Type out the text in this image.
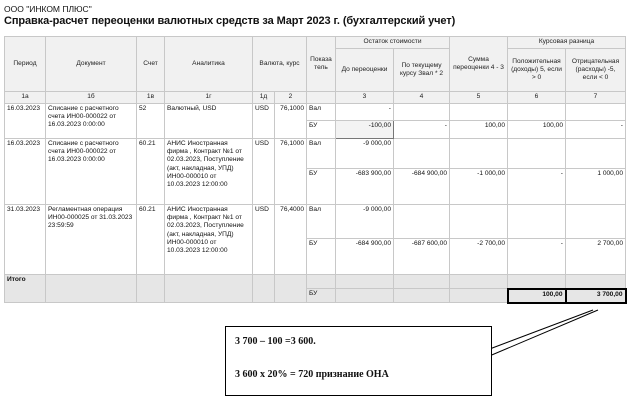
ООО "ИНКОМ ПЛЮС"
Справка-расчет переоценки валютных средств за Март 2023 г. (бухгалтерский учет)
Период	Документ	Счет	Аналитика	Валюта, курс		Показа тель	Остаток стоимости		Сумма переоценки 4 - 3	Курсовая разница	
							До переоценки	По текущему курсу Звал * 2		Положительная (доходы) 5, если > 0	Отрицательная (расходы) -5, если < 0
1а	1б	1в	1г	1д	2		3	4	5	6	7
16.03.2023	Списание с расчетного счета ИН00-000022 от 16.03.2023 0:00:00	52	Валютный, USD	USD	76,1000	Вал	-				
						БУ	-100,00	-	100,00	100,00	-
16.03.2023	Списание с расчетного счета ИН00-000022 от 16.03.2023 0:00:00	60.21	АНИС Иностранная фирма , Контракт №1 от 02.03.2023, Поступление (акт, накладная, УПД) ИН00-000010 от 10.03.2023 12:00:00	USD	76,1000	Вал	-9 000,00				
						БУ	-683 900,00	-684 900,00	-1 000,00	-	1 000,00
31.03.2023	Регламентная операция ИН00-000025 от 31.03.2023 23:59:59	60.21	АНИС Иностранная фирма , Контракт №1 от 02.03.2023, Поступление (акт, накладная, УПД) ИН00-000010 от 10.03.2023 12:00:00	USD	76,4000	Вал	-9 000,00				
						БУ	-684 900,00	-687 600,00	-2 700,00	-	2 700,00
Итого											
						БУ				100,00	3 700,00
3 700 – 100 =3 600.
3 600 х 20% = 720 признание ОНА
